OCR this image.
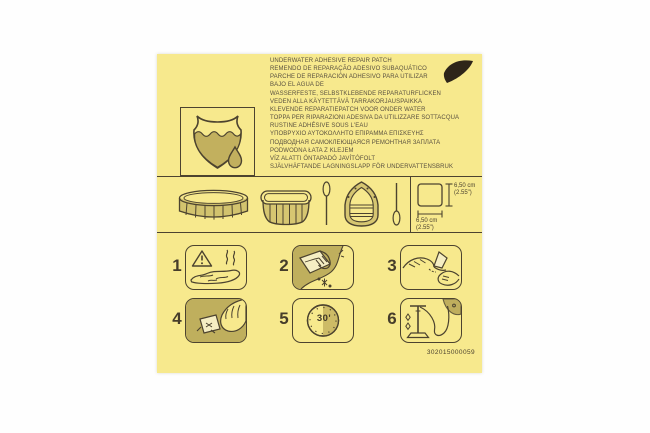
UNDERWATER ADHESIVE REPAIR PATCH
REMENDO DE REPARAÇÃO ADESIVO SUBAQUÁTICO
PARCHE DE REPARACIÓN ADHESIVO PARA UTILIZAR
BAJO EL AGUA DE
WASSERFESTE, SELBSTKLEBENDE REPARATURFLICKEN
VEDEN ALLA KÄYTETTÄVÄ TARRAKORJAUSPAIKKA
KLEVENDE REPARATIEPATCH VOOR ONDER WATER
TOPPA PER RIPARAZIONI ADESIVA DA UTILIZZARE SOTTACQUA
RUSTINE ADHÉSIVE SOUS L'EAU
ΥΠΟΒΡΥΧΙΟ ΑΥΤΟΚΟΛΛΗΤΟ ΕΠΙΡΑΜΜΑ ΕΠΙΣΚΕΥΗΣ
ПОДВОДНАЯ САМОКЛЕЮЩАЯСЯ РЕМОНТНАЯ ЗАПЛАТА
PODWODNA ŁATA Z KLEJEM
VÍZ ALATTI ÖNTAPADÓ JAVÍTÓFOLT
SJÄLVHÄFTANDE LAGNINGSLAPP FÖR UNDERVATTENSBRUK
6,50 cm
(2.55")
6,50 cm
(2.55")
1	2	3
4	5	30'	6
302015000059
